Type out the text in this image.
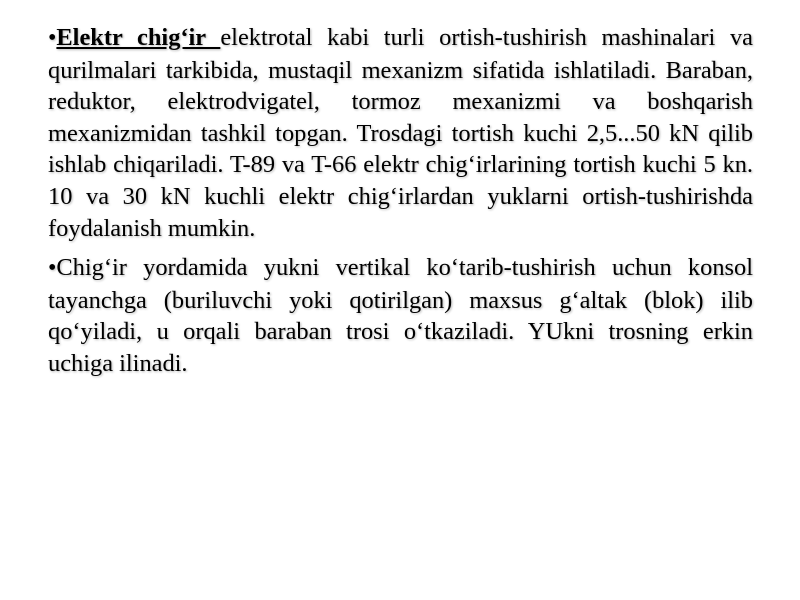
•Elektr chig‘ir elektrotal kabi turli ortish-tushirish mashinalari va qurilmalari tarkibida, mustaqil mexanizm sifatida ishlatiladi. Baraban, reduktor, elektrodvigatel, tormoz mexanizmi va boshqarish mexanizmidan tashkil topgan. Trosdagi tortish kuchi 2,5...50 kN qilib ishlab chiqariladi. T-89 va T-66 elektr chig‘irlarining tortish kuchi 5 kn. 10 va 30 kN kuchli elektr chig‘irlardan yuklarni ortish-tushirishda foydalanish mumkin.

•Chig‘ir yordamida yukni vertikal ko‘tarib-tushirish uchun konsol tayanchga (buriluvchi yoki qotirilgan) maxsus g‘altak (blok) ilib qo‘yiladi, u orqali baraban trosi o‘tkaziladi. YUkni trosning erkin uchiga ilinadi.
